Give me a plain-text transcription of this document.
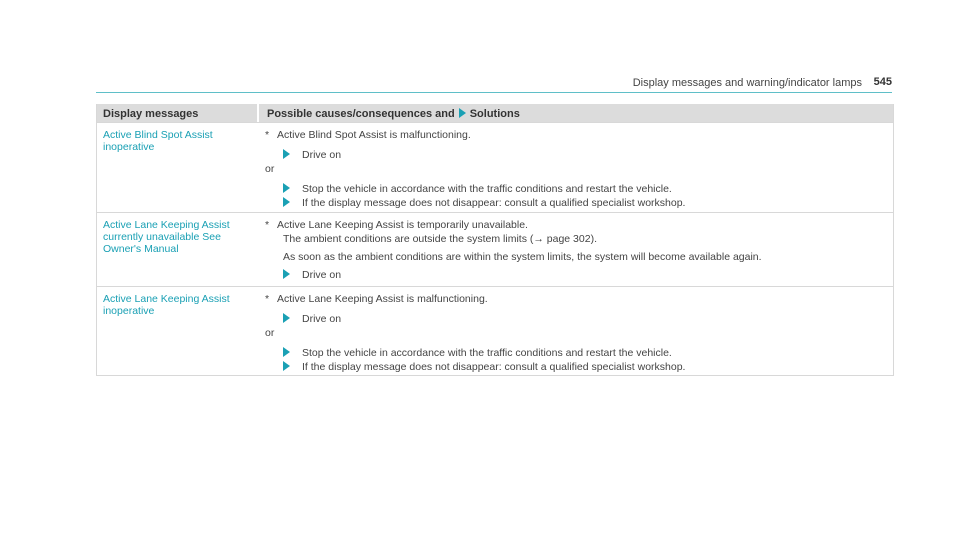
Display messages and warning/indicator lamps 545
Display messages	Possible causes/consequences and Solutions
Active Blind Spot Assist inoperative
* Active Blind Spot Assist is malfunctioning.
Drive on
or
Stop the vehicle in accordance with the traffic conditions and restart the vehicle.
If the display message does not disappear: consult a qualified specialist workshop.
Active Lane Keeping Assist currently unavailable See Owner's Manual
* Active Lane Keeping Assist is temporarily unavailable.
The ambient conditions are outside the system limits (→ page 302).
As soon as the ambient conditions are within the system limits, the system will become available again.
Drive on
Active Lane Keeping Assist inoperative
* Active Lane Keeping Assist is malfunctioning.
Drive on
or
Stop the vehicle in accordance with the traffic conditions and restart the vehicle.
If the display message does not disappear: consult a qualified specialist workshop.
